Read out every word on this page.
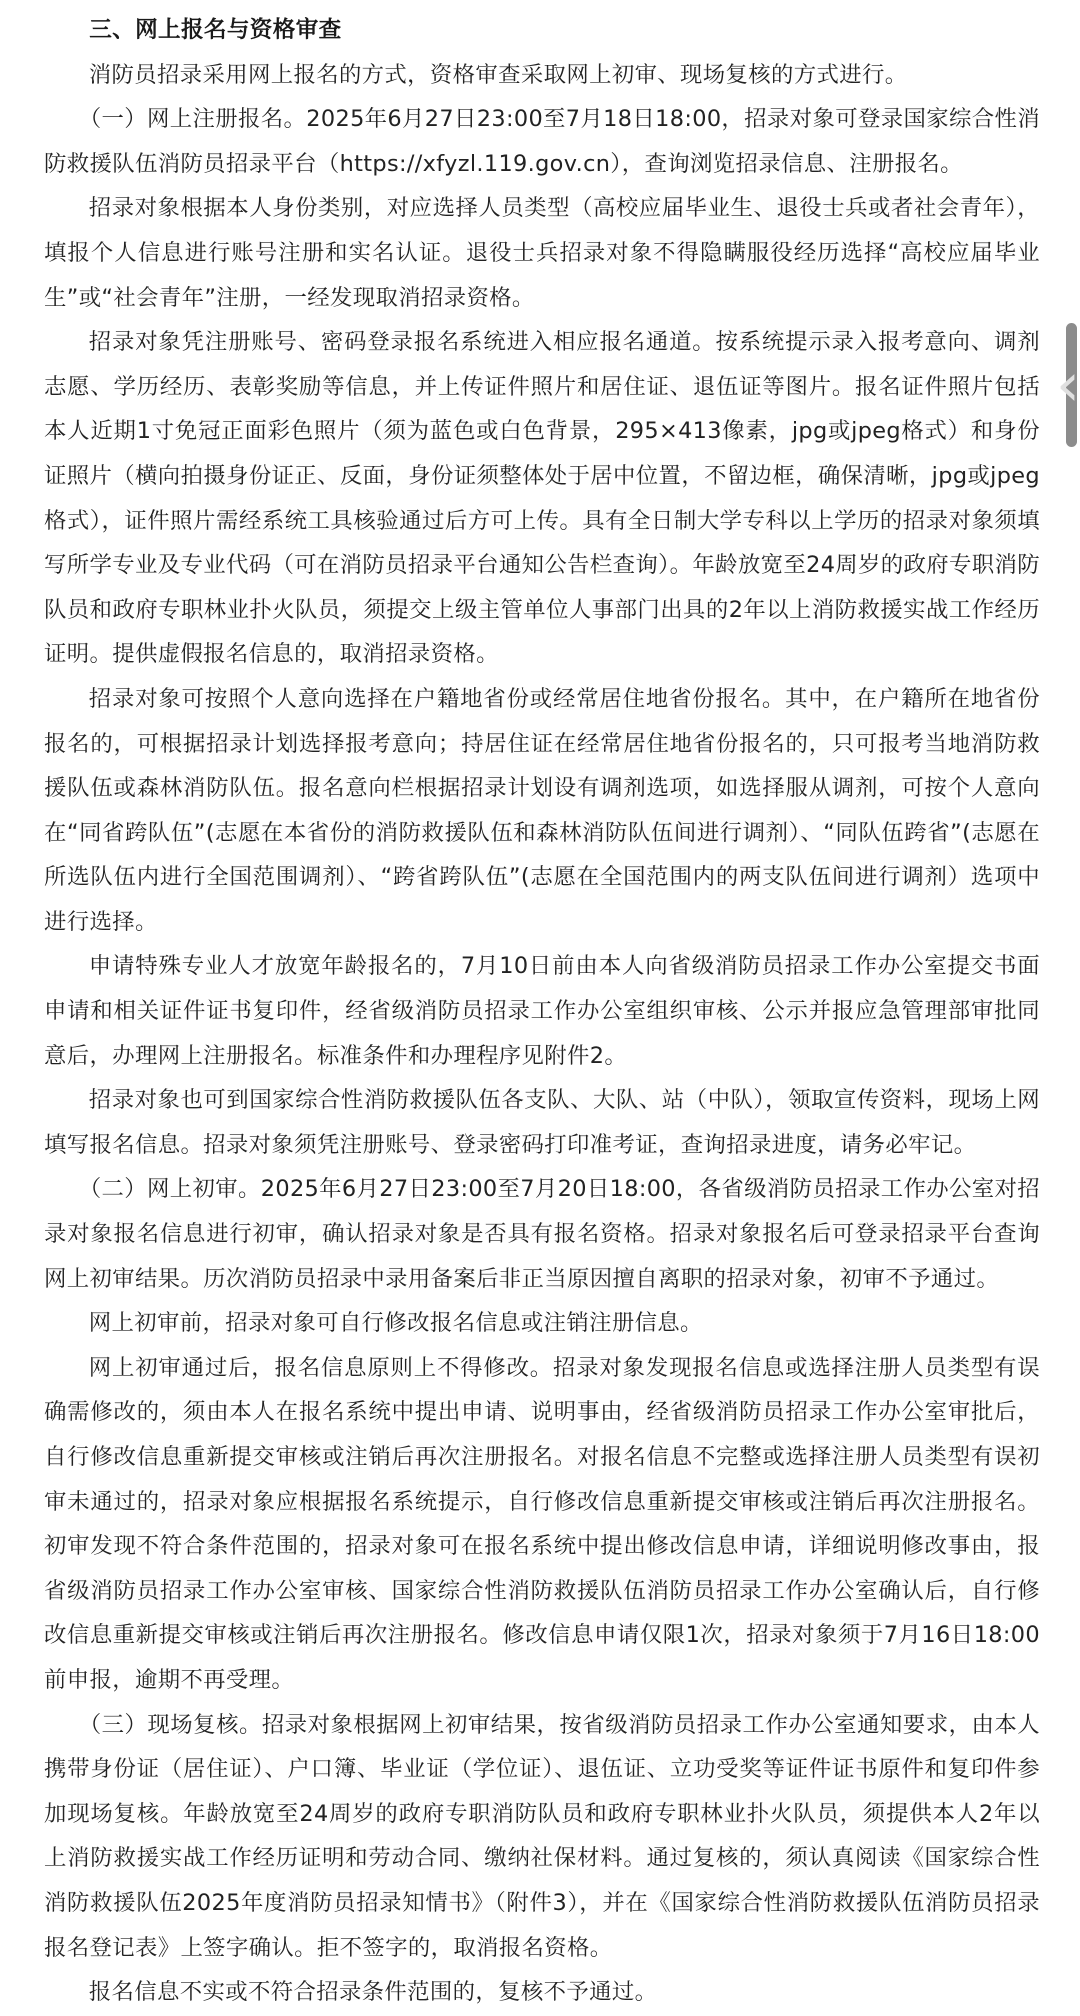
三、网上报名与资格审查

消防员招录采用网上报名的方式，资格审查采取网上初审、现场复核的方式进行。

（一）网上注册报名。2025年6月27日23:00至7月18日18:00，招录对象可登录国家综合性消防救援队伍消防员招录平台（https://xfyzl.119.gov.cn），查询浏览招录信息、注册报名。

招录对象根据本人身份类别，对应选择人员类型（高校应届毕业生、退役士兵或者社会青年），填报个人信息进行账号注册和实名认证。退役士兵招录对象不得隐瞒服役经历选择“高校应届毕业生”或“社会青年”注册，一经发现取消招录资格。

招录对象凭注册账号、密码登录报名系统进入相应报名通道。按系统提示录入报考意向、调剂志愿、学历经历、表彰奖励等信息，并上传证件照片和居住证、退伍证等图片。报名证件照片包括本人近期1寸免冠正面彩色照片（须为蓝色或白色背景，295×413像素，jpg或jpeg格式）和身份证照片（横向拍摄身份证正、反面，身份证须整体处于居中位置，不留边框，确保清晰，jpg或jpeg格式），证件照片需经系统工具核验通过后方可上传。具有全日制大学专科以上学历的招录对象须填写所学专业及专业代码（可在消防员招录平台通知公告栏查询）。年龄放宽至24周岁的政府专职消防队员和政府专职林业扑火队员，须提交上级主管单位人事部门出具的2年以上消防救援实战工作经历证明。提供虚假报名信息的，取消招录资格。

招录对象可按照个人意向选择在户籍地省份或经常居住地省份报名。其中，在户籍所在地省份报名的，可根据招录计划选择报考意向；持居住证在经常居住地省份报名的，只可报考当地消防救援队伍或森林消防队伍。报名意向栏根据招录计划设有调剂选项，如选择服从调剂，可按个人意向在“同省跨队伍”(志愿在本省份的消防救援队伍和森林消防队伍间进行调剂）、“同队伍跨省”(志愿在所选队伍内进行全国范围调剂）、“跨省跨队伍”(志愿在全国范围内的两支队伍间进行调剂）选项中进行选择。

申请特殊专业人才放宽年龄报名的，7月10日前由本人向省级消防员招录工作办公室提交书面申请和相关证件证书复印件，经省级消防员招录工作办公室组织审核、公示并报应急管理部审批同意后，办理网上注册报名。标准条件和办理程序见附件2。

招录对象也可到国家综合性消防救援队伍各支队、大队、站（中队），领取宣传资料，现场上网填写报名信息。招录对象须凭注册账号、登录密码打印准考证，查询招录进度，请务必牢记。

（二）网上初审。2025年6月27日23:00至7月20日18:00，各省级消防员招录工作办公室对招录对象报名信息进行初审，确认招录对象是否具有报名资格。招录对象报名后可登录招录平台查询网上初审结果。历次消防员招录中录用备案后非正当原因擅自离职的招录对象，初审不予通过。

网上初审前，招录对象可自行修改报名信息或注销注册信息。

网上初审通过后，报名信息原则上不得修改。招录对象发现报名信息或选择注册人员类型有误确需修改的，须由本人在报名系统中提出申请、说明事由，经省级消防员招录工作办公室审批后，自行修改信息重新提交审核或注销后再次注册报名。对报名信息不完整或选择注册人员类型有误初审未通过的，招录对象应根据报名系统提示，自行修改信息重新提交审核或注销后再次注册报名。初审发现不符合条件范围的，招录对象可在报名系统中提出修改信息申请，详细说明修改事由，报省级消防员招录工作办公室审核、国家综合性消防救援队伍消防员招录工作办公室确认后，自行修改信息重新提交审核或注销后再次注册报名。修改信息申请仅限1次，招录对象须于7月16日18:00前申报，逾期不再受理。

（三）现场复核。招录对象根据网上初审结果，按省级消防员招录工作办公室通知要求，由本人携带身份证（居住证）、户口簿、毕业证（学位证）、退伍证、立功受奖等证件证书原件和复印件参加现场复核。年龄放宽至24周岁的政府专职消防队员和政府专职林业扑火队员，须提供本人2年以上消防救援实战工作经历证明和劳动合同、缴纳社保材料。通过复核的，须认真阅读《国家综合性消防救援队伍2025年度消防员招录知情书》（附件3），并在《国家综合性消防救援队伍消防员招录报名登记表》上签字确认。拒不签字的，取消报名资格。

报名信息不实或不符合招录条件范围的，复核不予通过。

‹
